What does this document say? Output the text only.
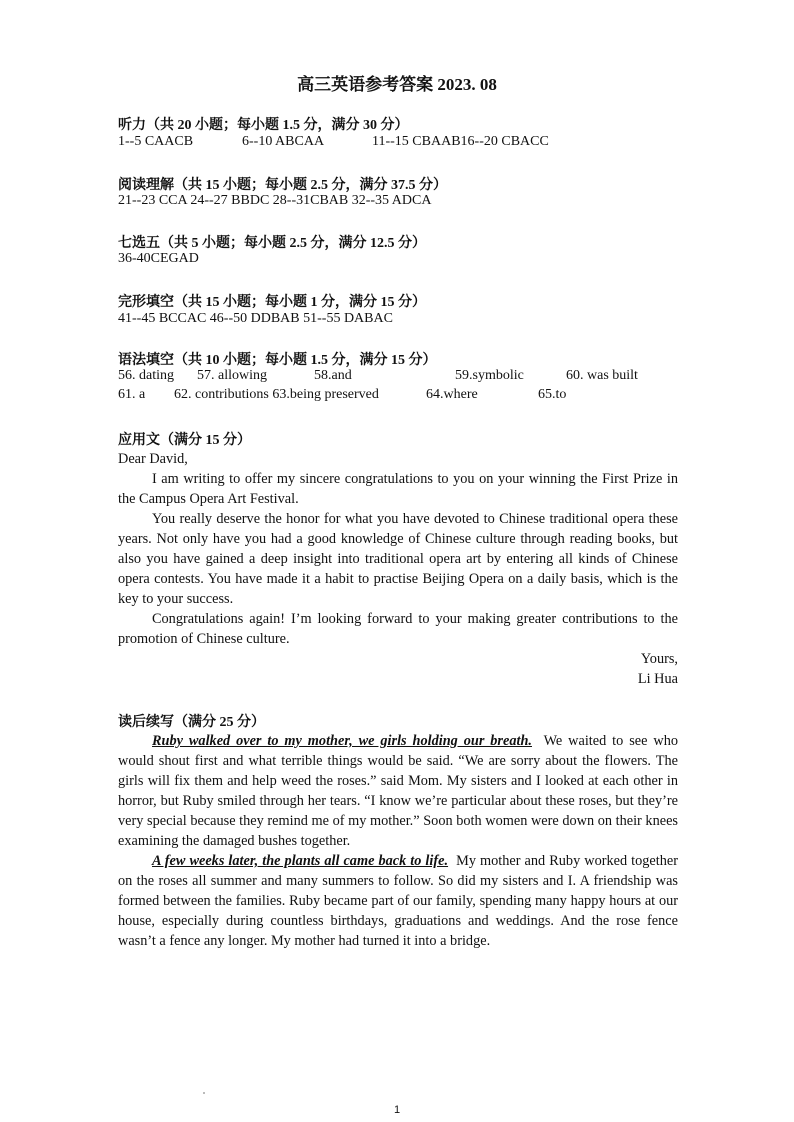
高三英语参考答案 2023. 08
听力（共 20 小题；每小题 1.5 分，满分 30 分）
1--5 CAACB	6--10 ABCAA	11--15 CBAAB16--20 CBACC
阅读理解（共 15 小题；每小题 2.5 分，满分 37.5 分）
21--23 CCA 24--27 BBDC 28--31CBAB 32--35 ADCA
七选五（共 5 小题；每小题 2.5 分，满分 12.5 分）
36-40CEGAD
完形填空（共 15 小题；每小题 1 分，满分 15 分）
41--45 BCCAC 46--50 DDBAB 51--55 DABAC
语法填空（共 10 小题；每小题 1.5 分，满分 15 分）
56. dating 57. allowing	58.and	59.symbolic	60. was built
61. a 62. contributions 63.being preserved	64.where	65.to
应用文（满分 15 分）

Dear David,

I am writing to offer my sincere congratulations to you on your winning the First Prize in the Campus Opera Art Festival.

You really deserve the honor for what you have devoted to Chinese traditional opera these years. Not only have you had a good knowledge of Chinese culture through reading books, but also you have gained a deep insight into traditional opera art by entering all kinds of Chinese opera contests. You have made it a habit to practise Beijing Opera on a daily basis, which is the key to your success.

Congratulations again! I’m looking forward to your making greater contributions to the promotion of Chinese culture.

Yours,

Li Hua

读后续写（满分 25 分）

Ruby walked over to my mother, we girls holding our breath. We waited to see who would shout first and what terrible things would be said. “We are sorry about the flowers. The girls will fix them and help weed the roses.” said Mom. My sisters and I looked at each other in horror, but Ruby smiled through her tears. “I know we’re particular about these roses, but they’re very special because they remind me of my mother.” Soon both women were down on their knees examining the damaged bushes together.

A few weeks later, the plants all came back to life. My mother and Ruby worked together on the roses all summer and many summers to follow. So did my sisters and I. A friendship was formed between the families. Ruby became part of our family, spending many happy hours at our house, especially during countless birthdays, graduations and weddings. And the rose fence wasn’t a fence any longer. My mother had turned it into a bridge.

1
